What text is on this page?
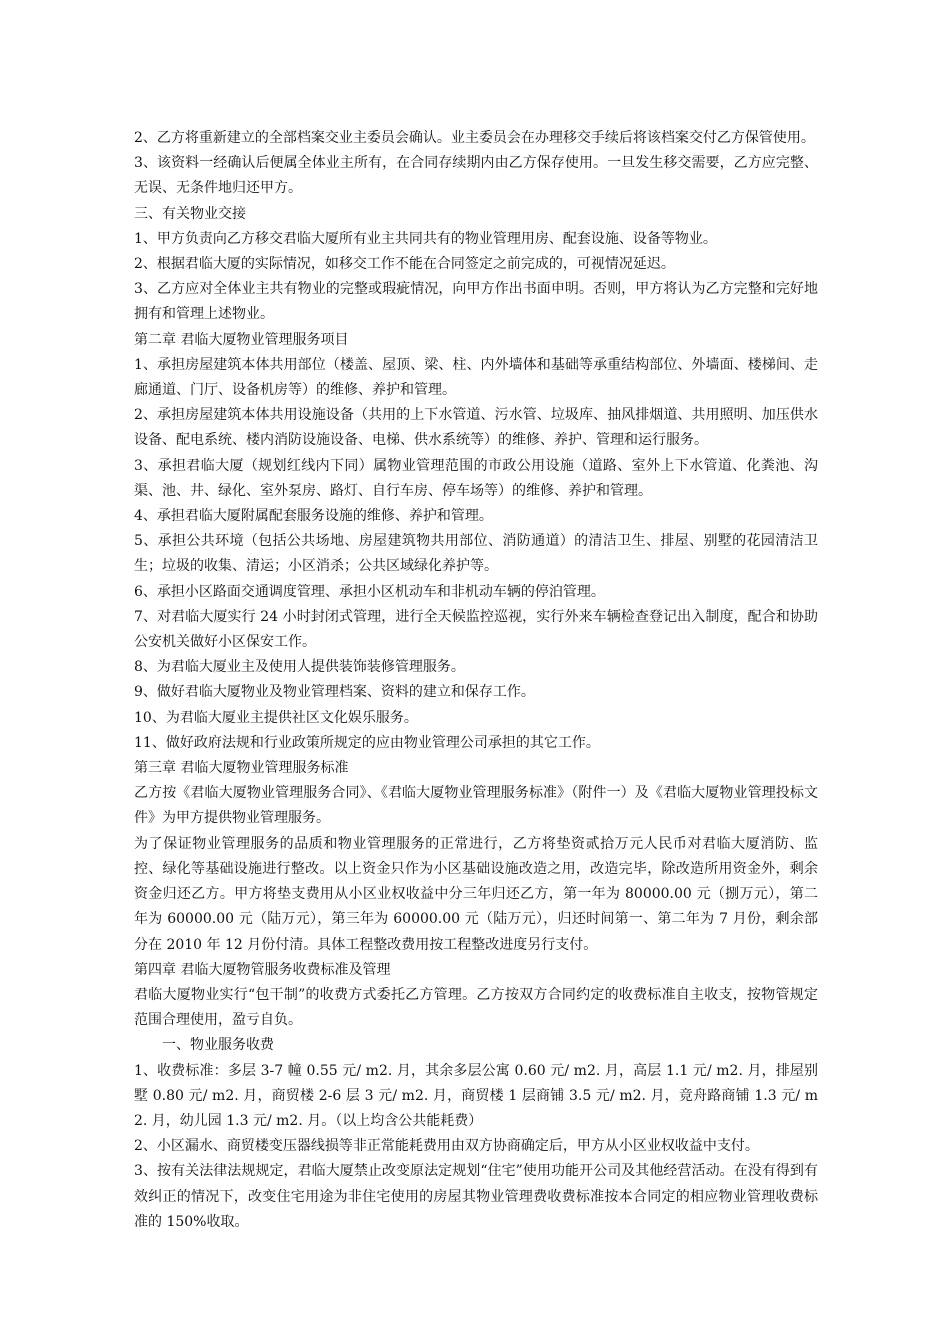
2、乙方将重新建立的全部档案交业主委员会确认。业主委员会在办理移交手续后将该档案交付乙方保管使用。

3、该资料一经确认后便属全体业主所有，在合同存续期内由乙方保存使用。一旦发生移交需要，乙方应完整、无误、无条件地归还甲方。

三、有关物业交接

1、甲方负责向乙方移交君临大厦所有业主共同共有的物业管理用房、配套设施、设备等物业。

2、根据君临大厦的实际情况，如移交工作不能在合同签定之前完成的，可视情况延迟。

3、乙方应对全体业主共有物业的完整或瑕疵情况，向甲方作出书面申明。否则，甲方将认为乙方完整和完好地拥有和管理上述物业。

第二章 君临大厦物业管理服务项目

1、承担房屋建筑本体共用部位（楼盖、屋顶、梁、柱、内外墙体和基础等承重结构部位、外墙面、楼梯间、走廊通道、门厅、设备机房等）的维修、养护和管理。

2、承担房屋建筑本体共用设施设备（共用的上下水管道、污水管、垃圾库、抽风排烟道、共用照明、加压供水设备、配电系统、楼内消防设施设备、电梯、供水系统等）的维修、养护、管理和运行服务。

3、承担君临大厦（规划红线内下同）属物业管理范围的市政公用设施（道路、室外上下水管道、化粪池、沟渠、池、井、绿化、室外泵房、路灯、自行车房、停车场等）的维修、养护和管理。

4、承担君临大厦附属配套服务设施的维修、养护和管理。

5、承担公共环境（包括公共场地、房屋建筑物共用部位、消防通道）的清洁卫生、排屋、别墅的花园清洁卫生；垃圾的收集、清运；小区消杀；公共区域绿化养护等。

6、承担小区路面交通调度管理、承担小区机动车和非机动车辆的停泊管理。

7、对君临大厦实行 24 小时封闭式管理，进行全天候监控巡视，实行外来车辆检查登记出入制度，配合和协助公安机关做好小区保安工作。

8、为君临大厦业主及使用人提供装饰装修管理服务。

9、做好君临大厦物业及物业管理档案、资料的建立和保存工作。

10、为君临大厦业主提供社区文化娱乐服务。

11、做好政府法规和行业政策所规定的应由物业管理公司承担的其它工作。

第三章 君临大厦物业管理服务标准

乙方按《君临大厦物业管理服务合同》、《君临大厦物业管理服务标准》（附件一）及《君临大厦物业管理投标文件》为甲方提供物业管理服务。

为了保证物业管理服务的品质和物业管理服务的正常进行，乙方将垫资贰拾万元人民币对君临大厦消防、监控、绿化等基础设施进行整改。以上资金只作为小区基础设施改造之用，改造完毕，除改造所用资金外，剩余资金归还乙方。甲方将垫支费用从小区业权收益中分三年归还乙方，第一年为 80000.00 元（捌万元），第二年为 60000.00 元（陆万元），第三年为 60000.00 元（陆万元），归还时间第一、第二年为 7 月份，剩余部分在 2010 年 12 月份付清。具体工程整改费用按工程整改进度另行支付。

第四章 君临大厦物管服务收费标准及管理

君临大厦物业实行“包干制”的收费方式委托乙方管理。乙方按双方合同约定的收费标准自主收支，按物管规定范围合理使用，盈亏自负。

一、物业服务收费

1、收费标准：多层 3-7 幢 0.55 元/ m2. 月，其余多层公寓 0.60 元/ m2. 月，高层 1.1 元/ m2. 月，排屋别墅 0.80 元/ m2. 月，商贸楼 2-6 层 3 元/ m2. 月，商贸楼 1 层商铺 3.5 元/ m2. 月，竞舟路商铺 1.3 元/ m2. 月，幼儿园 1.3 元/ m2. 月。（以上均含公共能耗费）

2、小区漏水、商贸楼变压器线损等非正常能耗费用由双方协商确定后，甲方从小区业权收益中支付。

3、按有关法律法规规定，君临大厦禁止改变原法定规划“住宅”使用功能开公司及其他经营活动。在没有得到有效纠正的情况下，改变住宅用途为非住宅使用的房屋其物业管理费收费标准按本合同定的相应物业管理收费标准的 150%收取。
